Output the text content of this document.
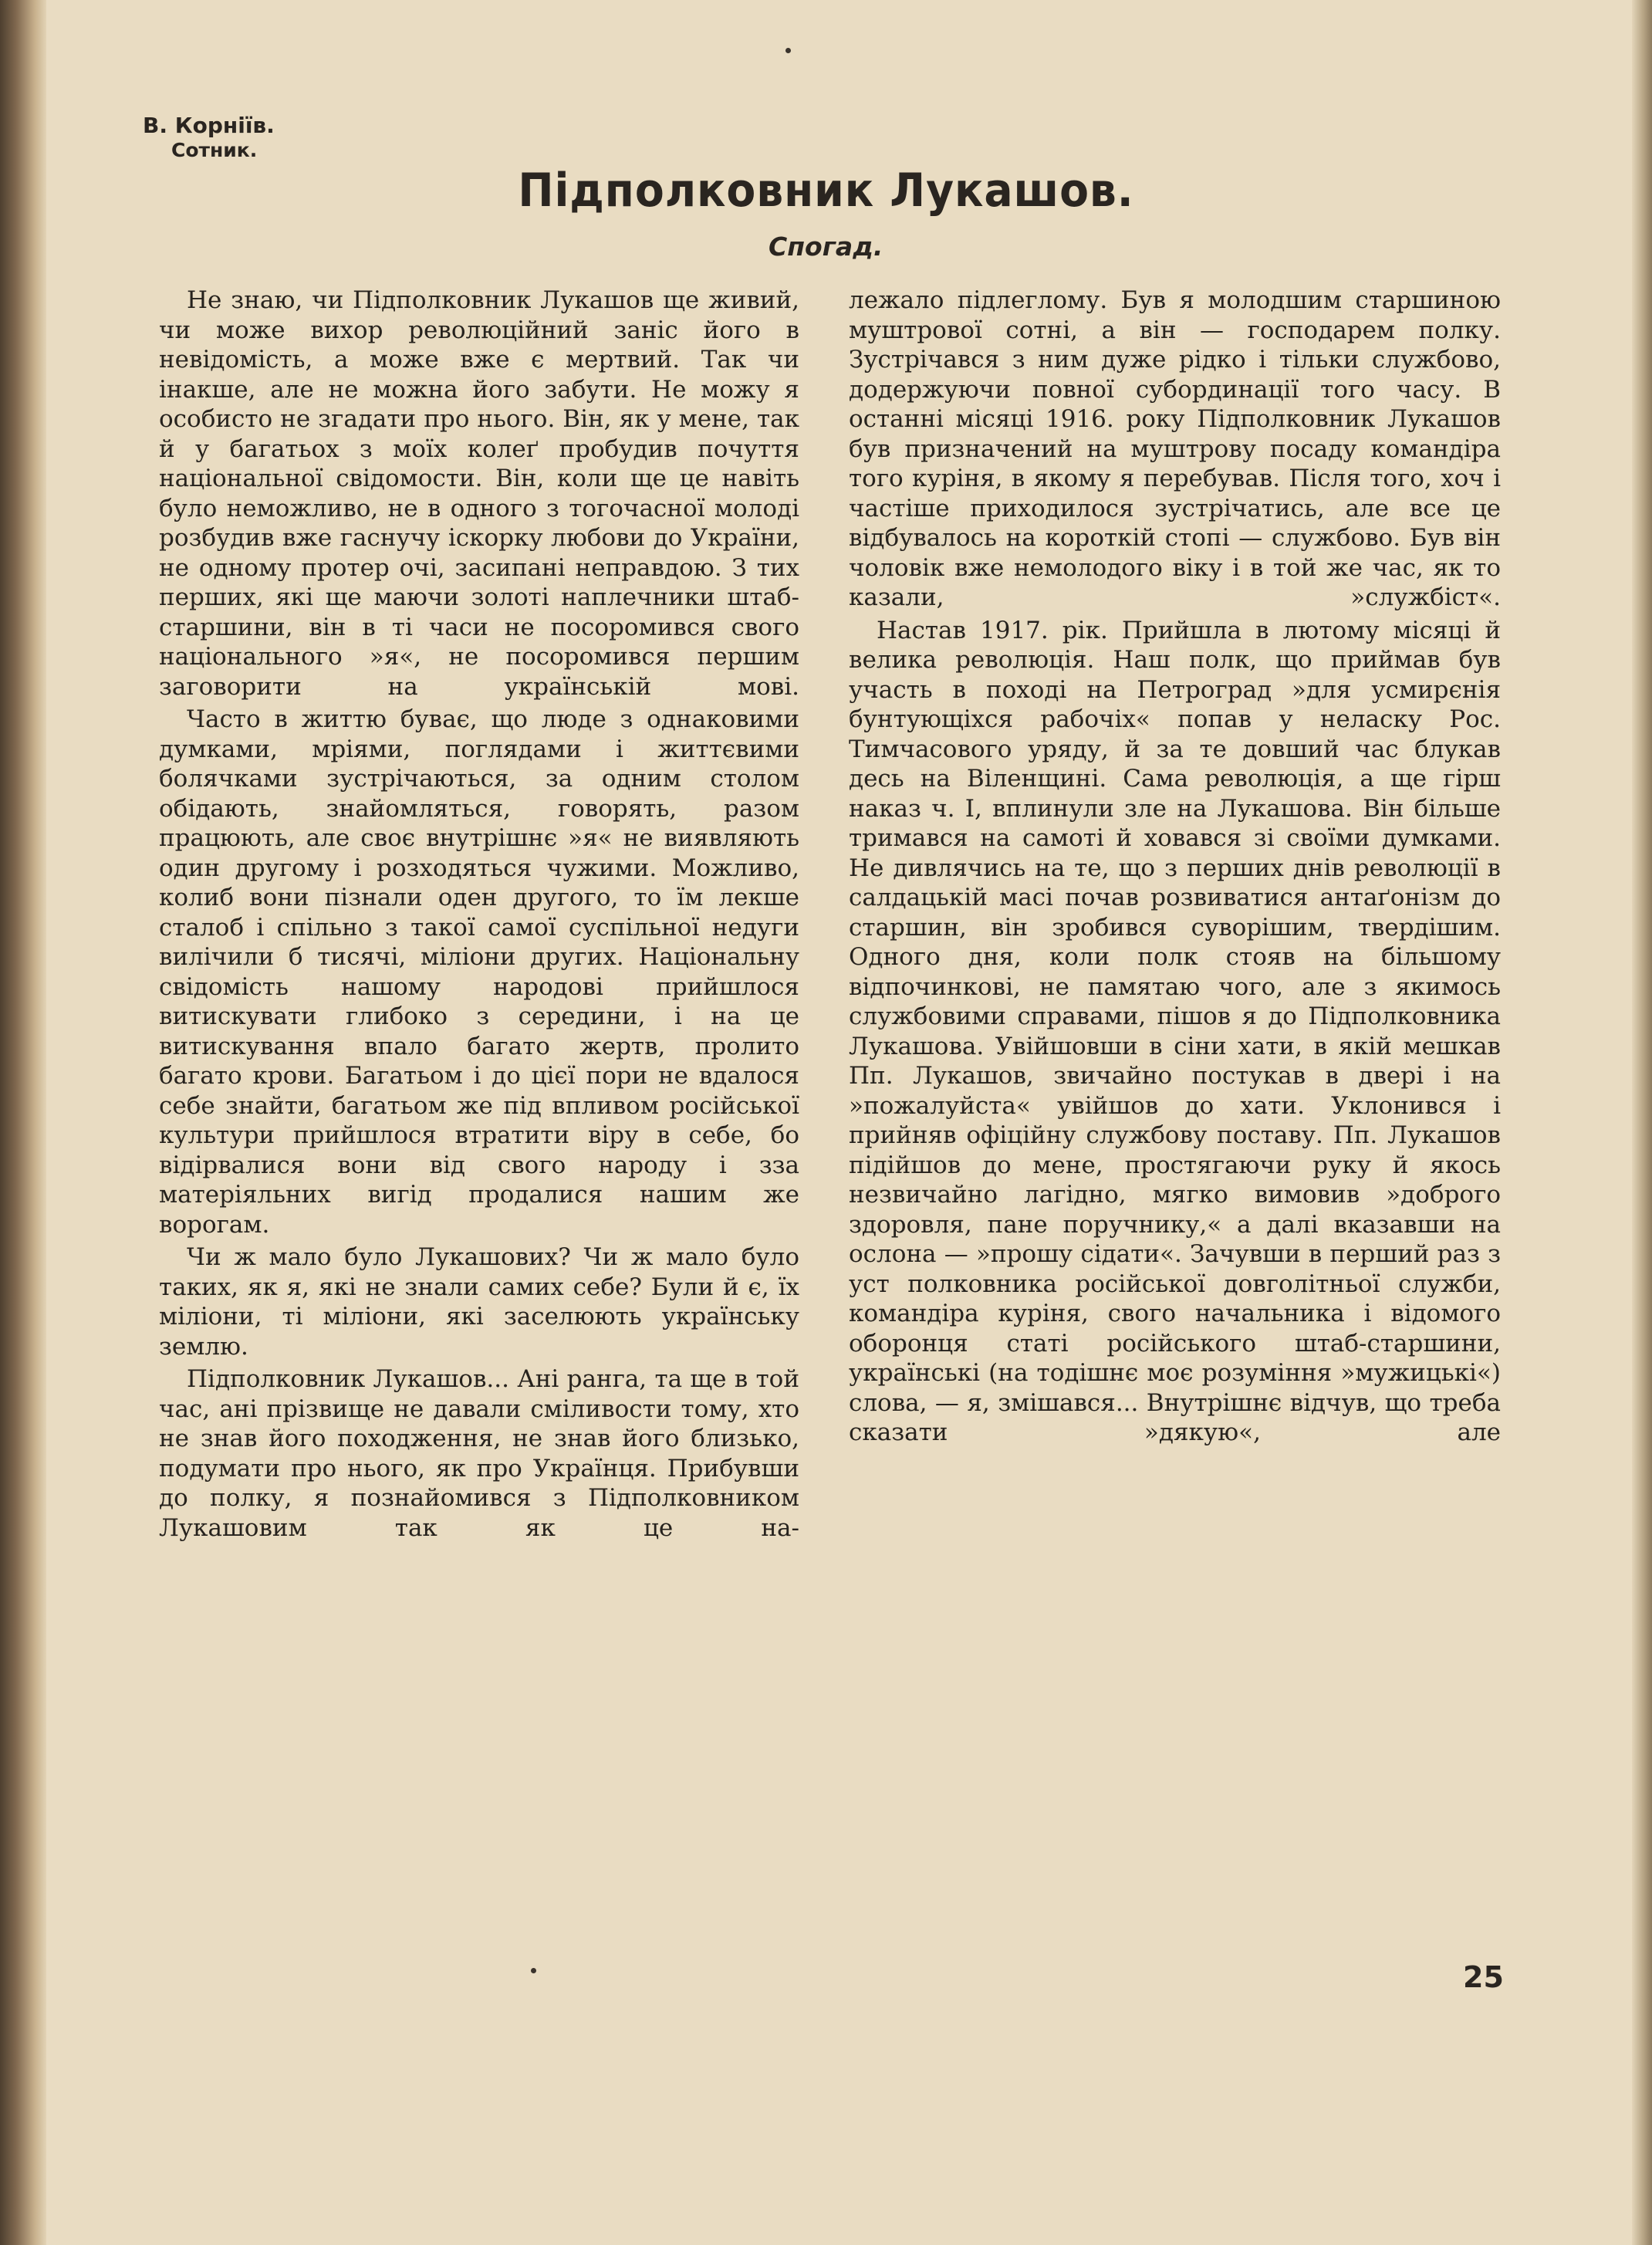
В. Корніїв.
Сотник.
Підполковник Лукашов.
Спогад.

Не знаю, чи Підполковник Лукашов ще живий, чи може вихор революційний заніс його в невідомість, а може вже є мертвий. Так чи інакше, але не можна його забути. Не можу я особисто не згадати про нього. Він, як у мене, так й у багатьох з моїх колеґ пробудив почуття національної свідомости. Він, коли ще це навіть було неможливо, не в одного з тогочасної молоді розбудив вже гаснучу іскорку любови до України, не одному протер очі, засипані неправдою. З тих перших, які ще маючи золоті наплечники штаб-старшини, він в ті часи не посоромився свого національного »я«, не посоромився першим заговорити на українській мові.

Часто в життю буває, що люде з однаковими думками, мріями, поглядами і життєвими болячками зустрічаються, за одним столом обідають, знайомляться, говорять, разом працюють, але своє внутрішнє »я« не виявляють один другому і розходяться чужими. Можливо, колиб вони пізнали оден другого, то їм лекше сталоб і спільно з такої самої суспільної недуги вилічили б тисячі, міліони других. Національну свідомість нашому народові прийшлося витискувати глибоко з середини, і на це витискування впало багато жертв, пролито багато крови. Багатьом і до цієї пори не вдалося себе знайти, багатьом же під впливом російської культури прийшлося втратити віру в себе, бо відірвалися вони від свого народу і зза матеріяльних вигід продалися нашим же ворогам.

Чи ж мало було Лукашових? Чи ж мало було таких, як я, які не знали самих себе? Були й є, їх міліони, ті міліони, які заселюють українську землю.

Підполковник Лукашов... Ані ранга, та ще в той час, ані прізвище не давали сміливости тому, хто не знав його походження, не знав його близько, подумати про нього, як про Українця. Прибувши до полку, я познайомився з Підполковником Лукашовим так як це на-

лежало підлеглому. Був я молодшим старшиною муштрової сотні, а він — господарем полку. Зустрічався з ним дуже рідко і тільки службово, додержуючи повної субординації того часу. В останні місяці 1916. року Підполковник Лукашов був призначений на муштрову посаду командіра того куріня, в якому я перебував. Після того, хоч і частіше приходилося зустрічатись, але все це відбувалось на короткій стопі — службово. Був він чоловік вже немолодого віку і в той же час, як то казали, »службіст«.

Настав 1917. рік. Прийшла в лютому місяці й велика революція. Наш полк, що приймав був участь в поході на Петроград »для усмирєнія бунтующіхся рабочіх« попав у неласку Рос. Тимчасового уряду, й за те довший час блукав десь на Віленщині. Сама революція, а ще гірш наказ ч. І, вплинули зле на Лукашова. Він більше тримався на самоті й ховався зі своїми думками. Не дивлячись на те, що з перших днів революції в салдацькій масі почав розвиватися антаґонізм до старшин, він зробився суворішим, твердішим. Одного дня, коли полк стояв на більшому відпочинкові, не памятаю чого, але з якимось службовими справами, пішов я до Підполковника Лукашова. Увійшовши в сіни хати, в якій мешкав Пп. Лукашов, звичайно постукав в двері і на »пожалуйста« увійшов до хати. Уклонився і прийняв офіційну службову поставу. Пп. Лукашов підійшов до мене, простягаючи руку й якось незвичайно лагідно, мягко вимовив »доброго здоровля, пане поручнику,« а далі вказавши на ослона — »прошу сідати«. Зачувши в перший раз з уст полковника російської довголітньої служби, командіра куріня, свого начальника і відомого оборонця статі російського штаб-старшини, українські (на тодішнє моє розуміння »мужицькі«) слова, — я, змішався... Внутрішнє відчув, що треба сказати »дякую«, але

25
